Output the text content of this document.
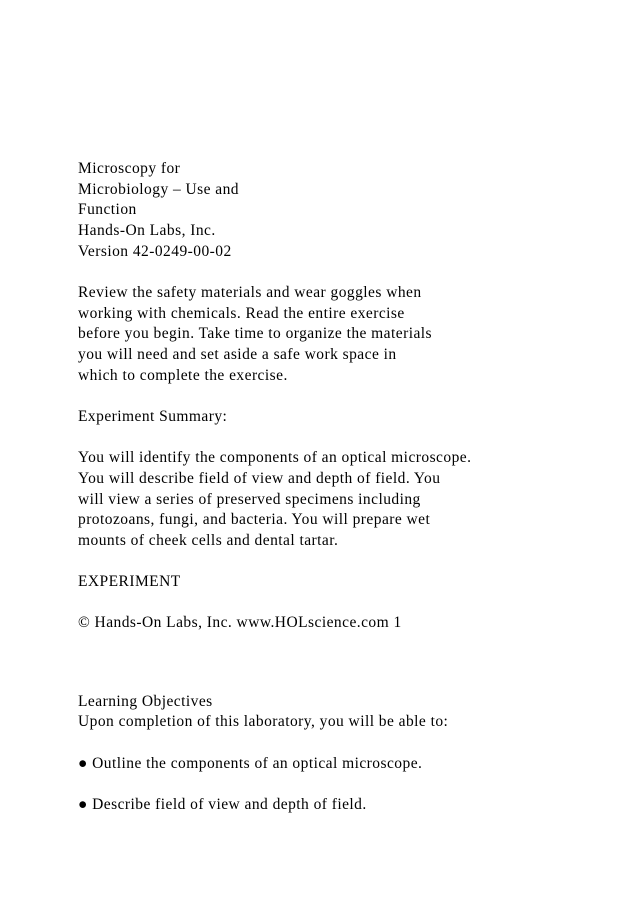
Microscopy for

Microbiology – Use and

Function

Hands-On Labs, Inc.

Version 42-0249-00-02

Review the safety materials and wear goggles when

working with chemicals. Read the entire exercise

before you begin. Take time to organize the materials

you will need and set aside a safe work space in

which to complete the exercise.

Experiment Summary:

You will identify the components of an optical microscope.

You will describe field of view and depth of field. You

will view a series of preserved specimens including

protozoans, fungi, and bacteria. You will prepare wet

mounts of cheek cells and dental tartar.

EXPERIMENT

© Hands-On Labs, Inc. www.HOLscience.com 1

Learning Objectives

Upon completion of this laboratory, you will be able to:

● Outline the components of an optical microscope.

● Describe field of view and depth of field.
